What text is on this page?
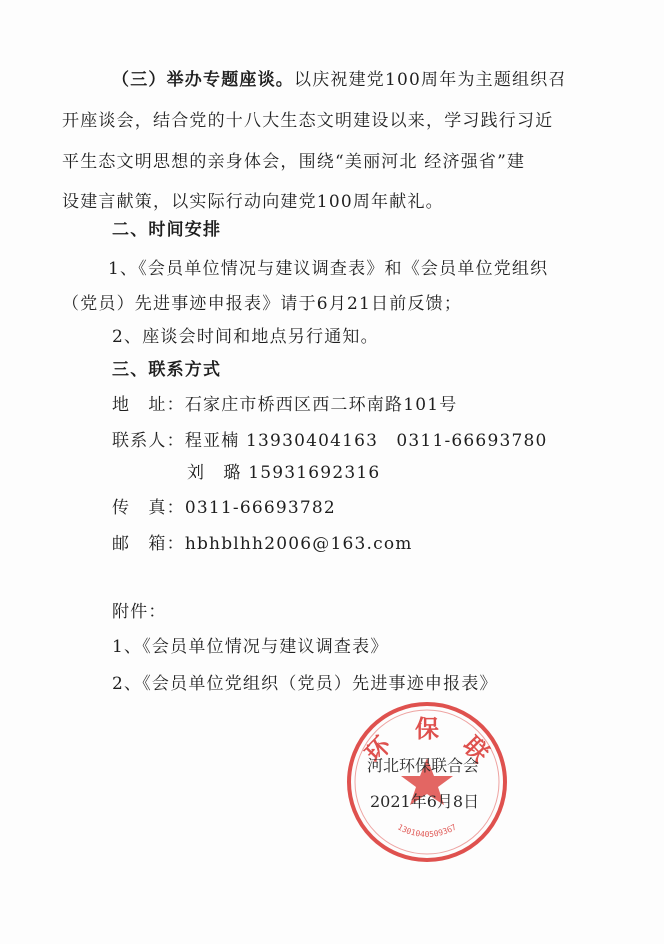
（三）举办专题座谈。以庆祝建党100周年为主题组织召
开座谈会，结合党的十八大生态文明建设以来，学习践行习近
平生态文明思想的亲身体会，围绕“美丽河北 经济强省”建
设建言献策，以实际行动向建党100周年献礼。
二、时间安排
1、《会员单位情况与建议调查表》和《会员单位党组织
（党员）先进事迹申报表》请于6月21日前反馈；
2、座谈会时间和地点另行通知。
三、联系方式
地　址：石家庄市桥西区西二环南路101号
联系人：程亚楠 13930404163　0311-66693780
刘　璐 15931692316
传　真：0311-66693782
邮　箱：hbhblhh2006@163.com
附件：
1、《会员单位情况与建议调查表》
2、《会员单位党组织（党员）先进事迹申报表》
环　保　联
1301040509367
河北环保联合会
2021年6月8日
